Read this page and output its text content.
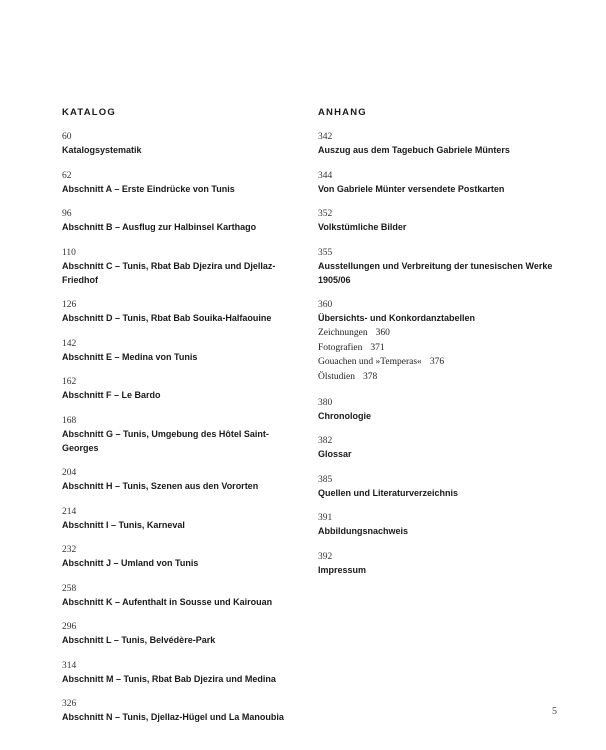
KATALOG
60
Katalogsystematik
62
Abschnitt A – Erste Eindrücke von Tunis
96
Abschnitt B – Ausflug zur Halbinsel Karthago
110
Abschnitt C – Tunis, Rbat Bab Djezira und Djellaz-Friedhof
126
Abschnitt D – Tunis, Rbat Bab Souika-Halfaouine
142
Abschnitt E – Medina von Tunis
162
Abschnitt F – Le Bardo
168
Abschnitt G – Tunis, Umgebung des Hôtel Saint-Georges
204
Abschnitt H – Tunis, Szenen aus den Vororten
214
Abschnitt I – Tunis, Karneval
232
Abschnitt J – Umland von Tunis
258
Abschnitt K – Aufenthalt in Sousse und Kairouan
296
Abschnitt L – Tunis, Belvédère-Park
314
Abschnitt M – Tunis, Rbat Bab Djezira und Medina
326
Abschnitt N – Tunis, Djellaz-Hügel und La Manoubia
ANHANG
342
Auszug aus dem Tagebuch Gabriele Münters
344
Von Gabriele Münter versendete Postkarten
352
Volkstümliche Bilder
355
Ausstellungen und Verbreitung der tunesischen Werke 1905/06
360
Übersichts- und Konkordanztabellen
Zeichnungen 360
Fotografien 371
Gouachen und »Temperas« 376
Ölstudien 378
380
Chronologie
382
Glossar
385
Quellen und Literaturverzeichnis
391
Abbildungsnachweis
392
Impressum
5
